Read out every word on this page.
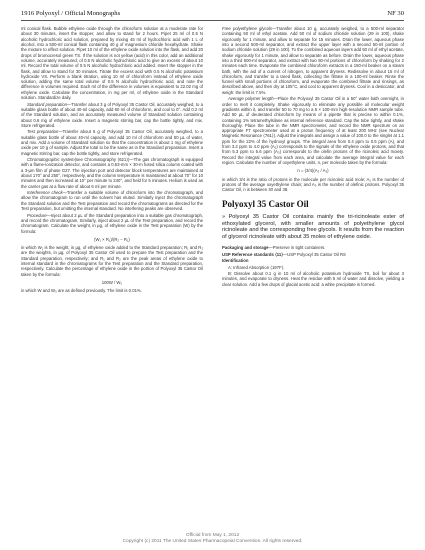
1916 Polyoxyl / Official Monographs	NF 30

ml conical flask. Bubble ethylene oxide through the chloroform solution at a moderate rate for about 30 minutes, insert the stopper, and allow to stand for 2 hours. Pipet 25 ml of 0.5 N alcoholic hydrochloric acid solution, prepared by mixing 45 ml of hydrochloric acid with 1 L of alcohol, into a 500-ml conical flask containing 40 g of magnesium chloride hexahydrate. Shake the mixture to effect solution. Pipet 10 ml of the ethylene oxide solution into the flask, and add 20 drops of bromocresol green TS. If the solution is not yellow (acid) in this color, add an additional volume, accurately measured, of 0.5 N alcoholic hydrochloric acid to give an excess of about 10 ml. Record the total volume of 0.5 N alcoholic hydrochloric acid added. Insert the stopper in the flask, and allow to stand for 30 minutes. Titrate the excess acid with 0.5 N alcoholic potassium hydroxide VS. Perform a blank titration, using 10 ml of chloroform instead of ethylene oxide solution, adding the same total volume of 0.5 N alcoholic hydrochloric acid, and note the difference in volumes required. Each ml of the difference in volumes is equivalent to 22.02 mg of ethylene oxide. Calculate the concentration, in mg per ml, of ethylene oxide in the Standard solution. Standardize daily.

Standard preparation—Transfer about 3 g of Polyoxyl 35 Castor Oil, accurately weighed, to a suitable glass bottle of about 40-ml capacity, add 60 ml of chloroform, and cool to 0°. Add 0.2 ml of the Standard solution, and an accurately measured volume of Standard solution containing about 0.6 mg of ethylene oxide. Insert a magnetic stirring bar, cap the bottle tightly, and mix. Store refrigerated.

Test preparation—Transfer about 5 g of Polyoxyl 35 Castor Oil, accurately weighed, to a suitable glass bottle of about 40-ml capacity, and add 10 ml of chloroform and 50 µL of water, and mix. Add a volume of Standard solution so that the concentration is about 1 mg of ethylene oxide per 10 g of sample. Adjust the total to be the same as in the Standard preparation. Insert a magnetic stirring bar, cap the bottle tightly, and store refrigerated.

Chromatographic system(see Chromatography ⟨621⟩)—The gas chromatograph is equipped with a flame-ionization detector, and contains a 0.53-mm × 30-m fused silica column coated with a 3-µm film of phase G27. The injection port and detector block temperatures are maintained at about 170° and 250°, respectively, and the column temperature is maintained at about 70° for 10 minutes and then increased at 10° per minute to 240°, and held for 5 minutes. Helium is used as the carrier gas at a flow rate of about 6 ml per minute.

Interference check—Transfer a suitable volume of chloroform into the chromatograph, and allow the chromatogram to run until the solvent has eluted. Similarly inject the chromatograph the Standard solution and the Test preparation and record the chromatograms as directed for the Test preparation, but omitting the internal standard. No interfering peaks are observed.

Procedure—Inject about 2 µL of the Standard preparation into a suitable gas chromatograph, and record the chromatogram. Similarly, inject about 2 µL of the Test preparation, and record the chromatogram. Calculate the weight, in µg, of ethylene oxide in the Test preparation (W) by the formula:

(W₁ × R₁)/(R₂ − R₁)

in which W₁ is the weight, in µg, of ethylene oxide added to the Standard preparation; R₁ and R₂ are the weights, in µg, of Polyoxyl 35 Castor Oil used to prepare the Test preparation and the Standard preparation, respectively; and R₁ and R₂ are the peak areas of ethylene oxide to internal standard in the chromatograms for the Test preparation and the Standard preparation, respectively. Calculate the percentage of ethylene oxide in the portion of Polyoxyl 35 Castor Oil taken by the formula:

100W / W₀

in which W and W₀ are as defined previously. The limit is 0.01%.

Free polyethylene glycols—Transfer about 10 g, accurately weighed, to a 500-ml separator containing 50 ml of ethyl acetate. Add 50 ml of sodium chloride solution (29 in 100), shake vigorously for 1 minute, and allow to separate for 15 minutes. Drain the lower, aqueous phase into a second 500-ml separator, and extract the upper layer with a second 50-ml portion of sodium chloride solution (29 in 100). To the combined aqueous layers add 50 ml of ethyl acetate, shake vigorously for 1 minute, and allow to separate as before. Drain the lower, aqueous phase into a third 500-ml separator, and extract with two 50-ml portions of chloroform by shaking for 2 minutes each time. Evaporate the combined chloroform extracts in a 150-ml beaker on a steam bath, with the aid of a current of nitrogen, to apparent dryness. Redissolve in about 15 ml of chloroform, and transfer to a tared flask, collecting the filtrate in a 100-ml beaker. Rinse the funnel with small portions of chloroform, and evaporate the combined filtrate and rinsings, as described above, and then dry at 105°C, and cool to apparent dryness. Cool in a desiccator, and weigh: the limit is 7.5%.

Average polymer length—Place the Polyoxyl 35 Castor Oil in a 50° water bath overnight, in order to melt it completely. Shake vigorously to eliminate any possible oil molecular weight gradients within it, and transfer 50 to 70 mg to a 5 × 100-mm high-resolution NMR sample tube. Add 50 µL of deuterated chloroform by means of a pipette that is precise to within 0.1%, containing 1% tetramethylsilane as internal reference standard. Cap the tube tightly, and shake thoroughly. Place the tube in the NMR spectrometer, and record the NMR spectrum on an appropriate FT spectrometer used at a proton frequency of at least 200 MHz (see Nuclear Magnetic Resonance ⟨761⟩). Adjust the integrals and assign a value of 100.0 to the singlet at 1.1 ppm for the 22% of the hydroxyl groups. The integral area from 0.4 ppm to 0.5 ppm (A), and from 3.2 ppm to 4.0 ppm (A₂) corresponds to the signals of the ethylene oxide protons, and that from 5.3 ppm to 5.6 ppm (A₃) corresponds to the olefin protons of the ricinoleic acid moiety. Record the integral value from each area, and calculate the average integral value for each region. Calculate the number of oxyethylene units, n, per molecule taken by the formula:

n = (3/4)(A₂ / A₃)

in which 3/4 is the ratio of protons in the molecule per ricinoleic acid mole; A₂ is the number of protons of the average oxyethylene chain; and A₃ is the number of olefinic protons. Polyoxyl 35 Castor Oil, n is between 30 and 38.

Polyoxyl 35 Castor Oil
» Polyoxyl 35 Castor Oil contains mainly the tri-ricinoleate ester of ethoxylated glycerol, with smaller amounts of polyethylene glycol ricinoleate and the corresponding free glycols. It results from the reaction of glycerol ricinoleate with about 35 moles of ethylene oxide.

Packaging and storage—Preserve in tight containers.

USP Reference standards ⟨11⟩—USP Polyoxyl 35 Castor Oil RS

Identification

A: Infrared Absorption ⟨197F⟩.

B: Dissolve about 0.1 g in 10 ml of alcoholic potassium hydroxide TS, boil for about 3 minutes, and evaporate to dryness. Heat the residue with 5 ml of water and dissolve, yielding a clear solution. Add a few drops of glacial acetic acid: a white precipitate is formed.

Official from May 1, 2012
Copyright (c) 2011 The United States Pharmacopeial Convention. All rights reserved.
